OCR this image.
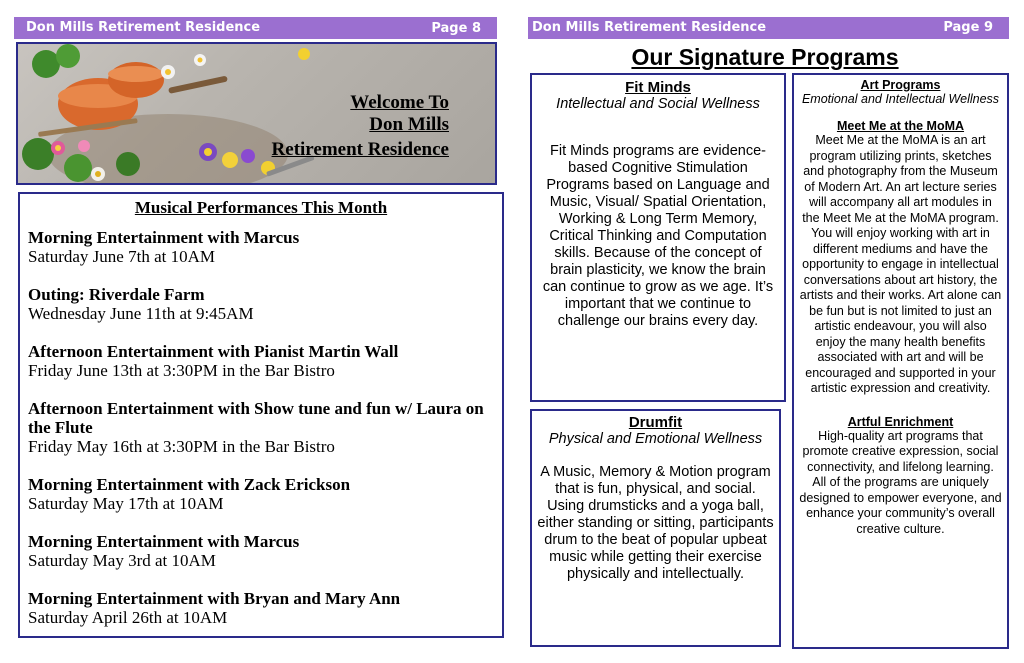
Don Mills Retirement Residence	Page 8
Welcome To
Don Mills
Retirement Residence
Musical Performances This Month
Morning Entertainment with Marcus
Saturday June 7th at 10AM
Outing: Riverdale Farm
Wednesday June 11th at 9:45AM
Afternoon Entertainment with Pianist Martin Wall
Friday June 13th at 3:30PM in the Bar Bistro
Afternoon Entertainment with Show tune and fun w/ Laura on the Flute
Friday May 16th at 3:30PM in the Bar Bistro
Morning Entertainment with Zack Erickson
Saturday May 17th at 10AM
Morning Entertainment with Marcus
Saturday May 3rd at 10AM
Morning Entertainment with Bryan and Mary Ann
Saturday April 26th at 10AM
Don Mills Retirement Residence	Page 9
Our Signature Programs
Fit Minds
Intellectual and Social Wellness
Fit Minds programs are evidence-based Cognitive Stimulation Programs based on Language and Music, Visual/ Spatial Orientation, Working & Long Term Memory, Critical Thinking and Computation skills. Because of the concept of brain plasticity, we know the brain can continue to grow as we age. It’s important that we continue to challenge our brains every day.
Drumfit
Physical and Emotional Wellness
A Music, Memory & Motion program that is fun, physical, and social. Using drumsticks and a yoga ball, either standing or sitting, participants drum to the beat of popular upbeat music while getting their exercise physically and intellectually.
Art Programs
Emotional and Intellectual Wellness
Meet Me at the MoMA
Meet Me at the MoMA is an art program utilizing prints, sketches and photography from the Museum of Modern Art. An art lecture series will accompany all art modules in the Meet Me at the MoMA program. You will enjoy working with art in different mediums and have the opportunity to engage in intellectual conversations about art history, the artists and their works. Art alone can be fun but is not limited to just an artistic endeavour, you will also enjoy the many health benefits associated with art and will be encouraged and supported in your artistic expression and creativity.
Artful Enrichment
High-quality art programs that promote creative expression, social connectivity, and lifelong learning. All of the programs are uniquely designed to empower everyone, and enhance your community’s overall creative culture.
